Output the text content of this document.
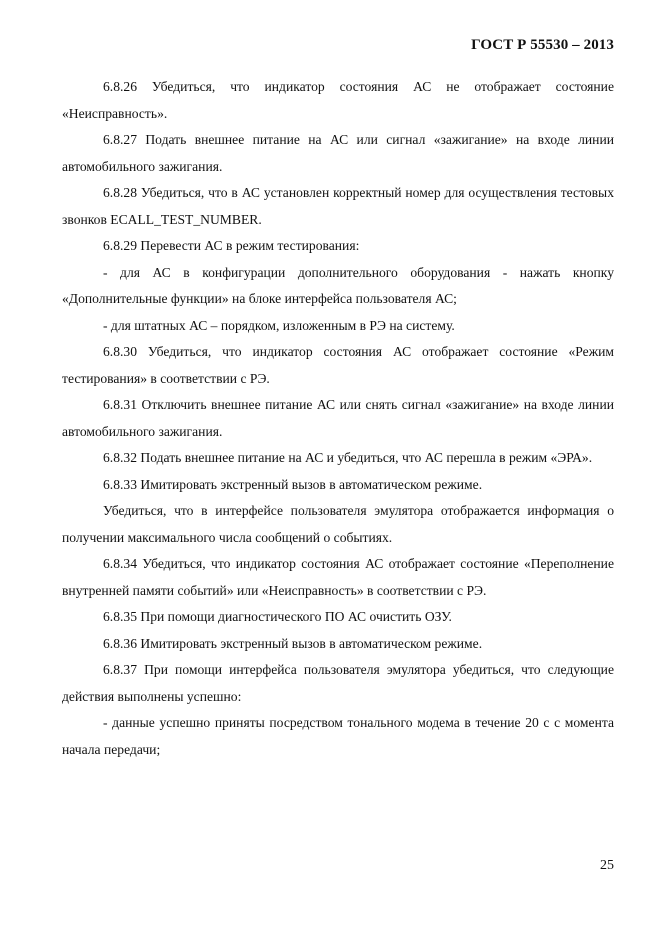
ГОСТ Р 55530 – 2013

6.8.26 Убедиться, что индикатор состояния АС не отображает состояние «Неисправность».

6.8.27 Подать внешнее питание на АС или сигнал «зажигание» на входе линии автомобильного зажигания.

6.8.28 Убедиться, что в АС установлен корректный номер для осуществления тестовых звонков ECALL_TEST_NUMBER.

6.8.29 Перевести АС в режим тестирования:

- для АС в конфигурации дополнительного оборудования - нажать кнопку «Дополнительные функции» на блоке интерфейса пользователя АС;

- для штатных АС – порядком, изложенным в РЭ на систему.

6.8.30 Убедиться, что индикатор состояния АС отображает состояние «Режим тестирования» в соответствии с РЭ.

6.8.31 Отключить внешнее питание АС или снять сигнал «зажигание» на входе линии автомобильного зажигания.

6.8.32 Подать внешнее питание на АС и убедиться, что АС перешла в режим «ЭРА».

6.8.33 Имитировать экстренный вызов в автоматическом режиме.

Убедиться, что в интерфейсе пользователя эмулятора отображается информация о получении максимального числа сообщений о событиях.

6.8.34 Убедиться, что индикатор состояния АС отображает состояние «Переполнение внутренней памяти событий» или «Неисправность» в соответствии с РЭ.

6.8.35 При помощи диагностического ПО АС очистить ОЗУ.

6.8.36 Имитировать экстренный вызов в автоматическом режиме.

6.8.37 При помощи интерфейса пользователя эмулятора убедиться, что следующие действия выполнены успешно:

- данные успешно приняты посредством тонального модема в течение 20 с с момента начала передачи;

25
